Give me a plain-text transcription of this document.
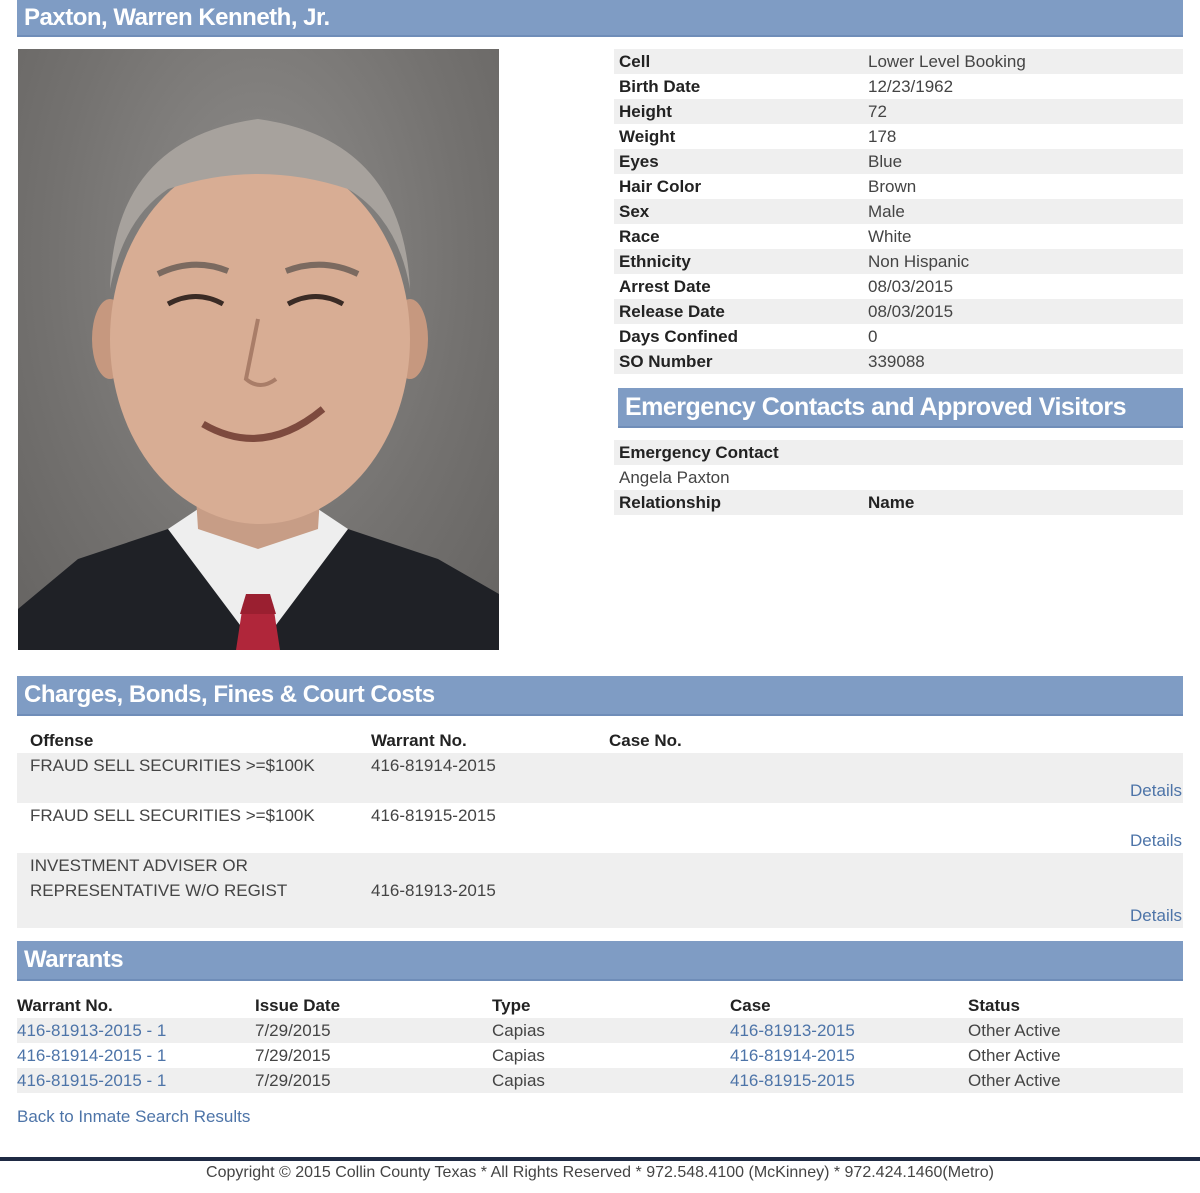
Paxton, Warren Kenneth, Jr.
Cell	Lower Level Booking
Birth Date	12/23/1962
Height	72
Weight	178
Eyes	Blue
Hair Color	Brown
Sex	Male
Race	White
Ethnicity	Non Hispanic
Arrest Date	08/03/2015
Release Date	08/03/2015
Days Confined	0
SO Number	339088
Emergency Contacts and Approved Visitors
Emergency Contact
Angela Paxton
Relationship	Name
Charges, Bonds, Fines & Court Costs
Offense	Warrant No.	Case No.
FRAUD SELL SECURITIES >=$100K	416-81914-2015
Details
FRAUD SELL SECURITIES >=$100K	416-81915-2015
Details
INVESTMENT ADVISER OR
REPRESENTATIVE W/O REGIST	416-81913-2015
Details
Warrants
Warrant No.	Issue Date	Type	Case	Status
416-81913-2015 - 1	7/29/2015	Capias	416-81913-2015	Other Active
416-81914-2015 - 1	7/29/2015	Capias	416-81914-2015	Other Active
416-81915-2015 - 1	7/29/2015	Capias	416-81915-2015	Other Active
Back to Inmate Search Results
Copyright © 2015 Collin County Texas * All Rights Reserved * 972.548.4100 (McKinney) * 972.424.1460(Metro)
